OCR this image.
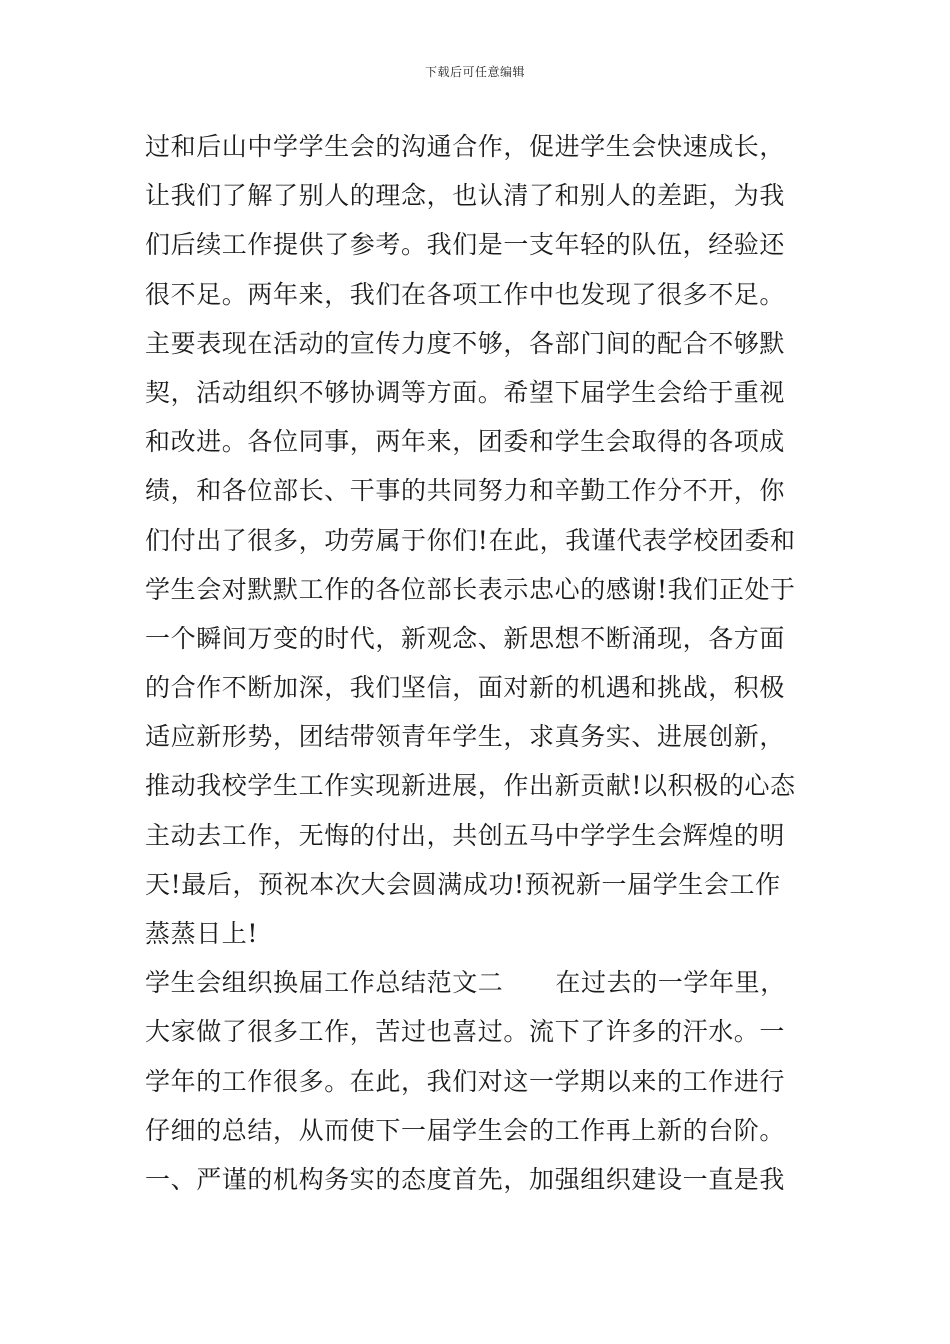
下载后可任意编辑
过和后山中学学生会的沟通合作，促进学生会快速成长，
让我们了解了别人的理念，也认清了和别人的差距，为我
们后续工作提供了参考。我们是一支年轻的队伍，经验还
很不足。两年来，我们在各项工作中也发现了很多不足。
主要表现在活动的宣传力度不够，各部门间的配合不够默
契，活动组织不够协调等方面。希望下届学生会给于重视
和改进。各位同事，两年来，团委和学生会取得的各项成
绩，和各位部长、干事的共同努力和辛勤工作分不开，你
们付出了很多，功劳属于你们!在此，我谨代表学校团委和
学生会对默默工作的各位部长表示忠心的感谢!我们正处于
一个瞬间万变的时代，新观念、新思想不断涌现，各方面
的合作不断加深，我们坚信，面对新的机遇和挑战，积极
适应新形势，团结带领青年学生，求真务实、进展创新，
推动我校学生工作实现新进展，作出新贡献!以积极的心态
主动去工作，无悔的付出，共创五马中学学生会辉煌的明
天!最后，预祝本次大会圆满成功!预祝新一届学生会工作
蒸蒸日上!
学生会组织换届工作总结范文二 在过去的一学年里，
大家做了很多工作，苦过也喜过。流下了许多的汗水。一
学年的工作很多。在此，我们对这一学期以来的工作进行
仔细的总结，从而使下一届学生会的工作再上新的台阶。
一、严谨的机构务实的态度首先，加强组织建设一直是我
